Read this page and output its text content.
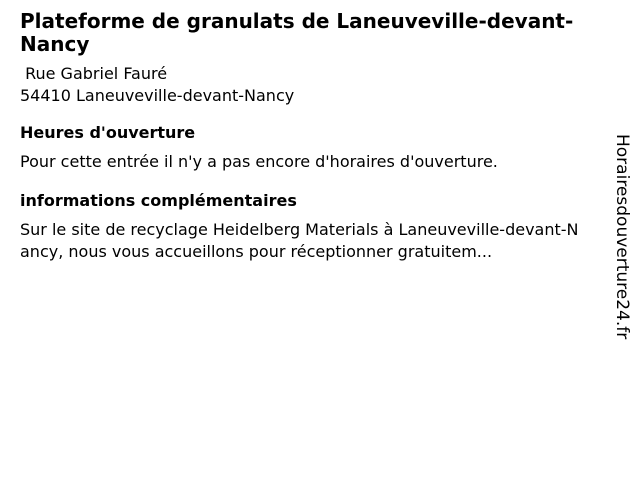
Plateforme de granulats de Laneuveville-devant-Nancy
Rue Gabriel Fauré
54410 Laneuveville-devant-Nancy
Heures d'ouverture

Pour cette entrée il n'y a pas encore d'horaires d'ouverture.

informations complémentaires

Sur le site de recyclage Heidelberg Materials à Laneuveville-devant-Nancy, nous vous accueillons pour réceptionner gratuitem...	Horairesdouverture24.fr
